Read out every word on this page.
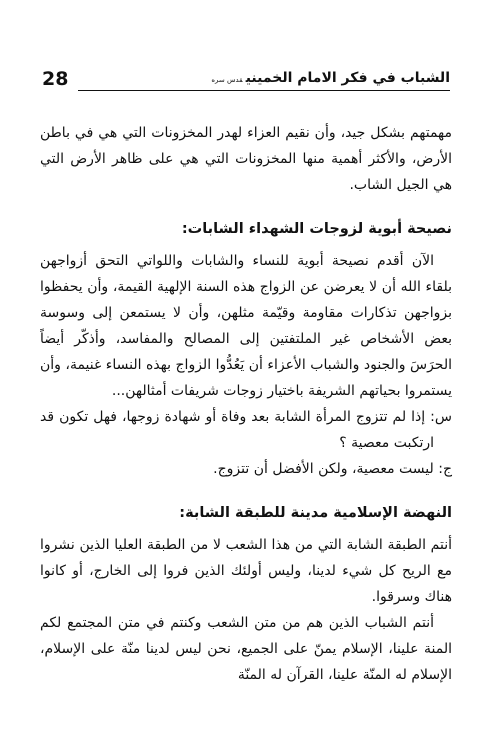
28	الشباب في فكر الامام الخمينيقدس سره

مهمتهم بشكل جيد، وأن نقيم العزاء لهدر المخزونات التي هي في باطن الأرض، والأكثر أهمية منها المخزونات التي هي على ظاهر الأرض التي هي الجيل الشاب.

نصيحة أبوية لزوجات الشهداء الشابات:

الآن أقدم نصيحة أبوية للنساء والشابات واللواتي التحق أزواجهن بلقاء الله أن لا يعرضن عن الزواج هذه السنة الإلهية القيمة، وأن يحفظوا بزواجهن تذكارات مقاومة وقيّمة مثلهن، وأن لا يستمعن إلى وسوسة بعض الأشخاص غير الملتفتين إلى المصالح والمفاسد، وأذكّر أيضاً الحرَسَ والجنود والشباب الأعزاء أن يَعُدُّوا الزواج بهذه النساء غنيمة، وأن يستمروا بحياتهم الشريفة باختيار زوجات شريفات أمثالهن...

س: إذا لم تتزوج المرأة الشابة بعد وفاة أو شهادة زوجها، فهل تكون قد ارتكبت معصية ؟

ج: ليست معصية، ولكن الأفضل أن تتزوج.

النهضة الإسلامية مدينة للطبقة الشابة:

أنتم الطبقة الشابة التي من هذا الشعب لا من الطبقة العليا الذين نشروا مع الريح كل شيء لدينا، وليس أولئك الذين فروا إلى الخارج، أو كانوا هناك وسرقوا.

أنتم الشباب الذين هم من متن الشعب وكنتم في متن المجتمع لكم المنة علينا، الإسلام يمنّ على الجميع، نحن ليس لدينا منّة على الإسلام، الإسلام له المنّة علينا، القرآن له المنّة
